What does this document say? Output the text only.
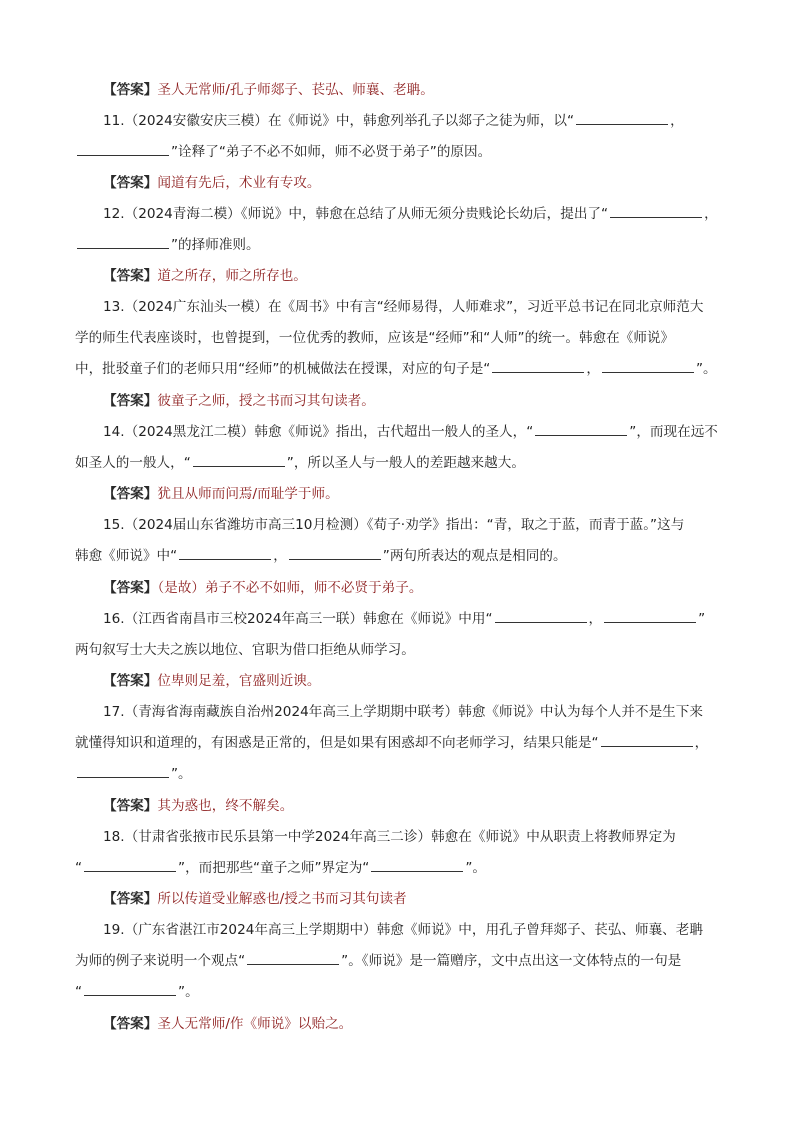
【答案】圣人无常师/孔子师郯子、苌弘、师襄、老聃。
11.（2024安徽安庆三模）在《师说》中，韩愈列举孔子以郯子之徒为师，以“	，
”诠释了“弟子不必不如师，师不必贤于弟子”的原因。
【答案】闻道有先后，术业有专攻。
12.（2024青海二模）《师说》中，韩愈在总结了从师无须分贵贱论长幼后，提出了“	，
”的择师准则。
【答案】道之所存，师之所存也。
13.（2024广东汕头一模）在《周书》中有言“经师易得，人师难求”，习近平总书记在同北京师范大
学的师生代表座谈时，也曾提到，一位优秀的教师，应该是“经师”和“人师”的统一。韩愈在《师说》
中，批驳童子们的老师只用“经师”的机械做法在授课，对应的句子是“	，	”。
【答案】彼童子之师，授之书而习其句读者。
14.（2024黑龙江二模）韩愈《师说》指出，古代超出一般人的圣人，“	”，而现在远不
如圣人的一般人，“	”，所以圣人与一般人的差距越来越大。
【答案】犹且从师而问焉/而耻学于师。
15.（2024届山东省潍坊市高三10月检测）《荀子·劝学》指出：“青，取之于蓝，而青于蓝。”这与
韩愈《师说》中“	，	”两句所表达的观点是相同的。
【答案】（是故）弟子不必不如师，师不必贤于弟子。
16.（江西省南昌市三校2024年高三一联）韩愈在《师说》中用“	，	”
两句叙写士大夫之族以地位、官职为借口拒绝从师学习。
【答案】位卑则足羞，官盛则近谀。
17.（青海省海南藏族自治州2024年高三上学期期中联考）韩愈《师说》中认为每个人并不是生下来
就懂得知识和道理的，有困惑是正常的，但是如果有困惑却不向老师学习，结果只能是“	，
”。
【答案】其为惑也，终不解矣。
18.（甘肃省张掖市民乐县第一中学2024年高三二诊）韩愈在《师说》中从职责上将教师界定为
“	”，而把那些“童子之师”界定为“	”。
【答案】所以传道受业解惑也/授之书而习其句读者
19.（广东省湛江市2024年高三上学期期中）韩愈《师说》中，用孔子曾拜郯子、苌弘、师襄、老聃
为师的例子来说明一个观点“	”。《师说》是一篇赠序，文中点出这一文体特点的一句是
“	”。
【答案】圣人无常师/作《师说》以贻之。
